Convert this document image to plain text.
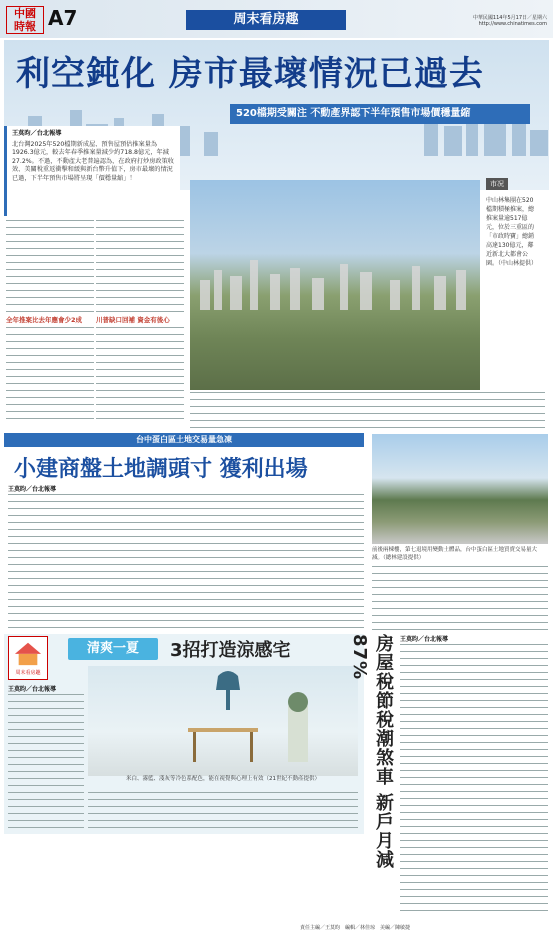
中國
時報 A7	周末看房趣	中華民國114年5月17日／星期六
http://www.chinatimes.com
利空鈍化 房市最壞情況已過去
520檔期受關注 不動產界認下半年預售市場價穩量縮
王莫昀／台北報導
北台灣2025年520檔期新成屋、預售屋預估推案量為1926.3億元，較去年春季推案量減少約718.8億元，年減27.2%。不過，不動產大老普遍認為，在政府打炒房政策收效、美關稅重返衝擊和緩與新台幣升值下，房市最壞的情況已過，下半年預售市場將呈現「價穩量縮」！
全年推案比去年應會少2成	川普缺口回補 資金有後心
市况
中山林集團在520檔期積極推案，總推案量逾517億元，位於三重區的「市政時寶」總銷高達130億元，鄰近新北大都會公園。（中山林提供）
台中蛋白區土地交易量急凍
小建商盤土地調頭寸 獲利出場
王莫昀／台北報導
前後兩棟樓，第七退境用變動土體品，台中蛋白區土地買賣交易量大減。（總林建設提供）
周末看房趣
清爽一夏	3招打造涼感宅
王莫昀／台北報導
米白、霧藍、淺灰等冷色系配色，能在視覺與心理上有效（21世紀不動產提供）	房屋稅節稅潮煞車 新戶月減87%	王莫昀／台北報導
責任主編／王莫昀　編輯／林佳琼　美編／陳敏捷
